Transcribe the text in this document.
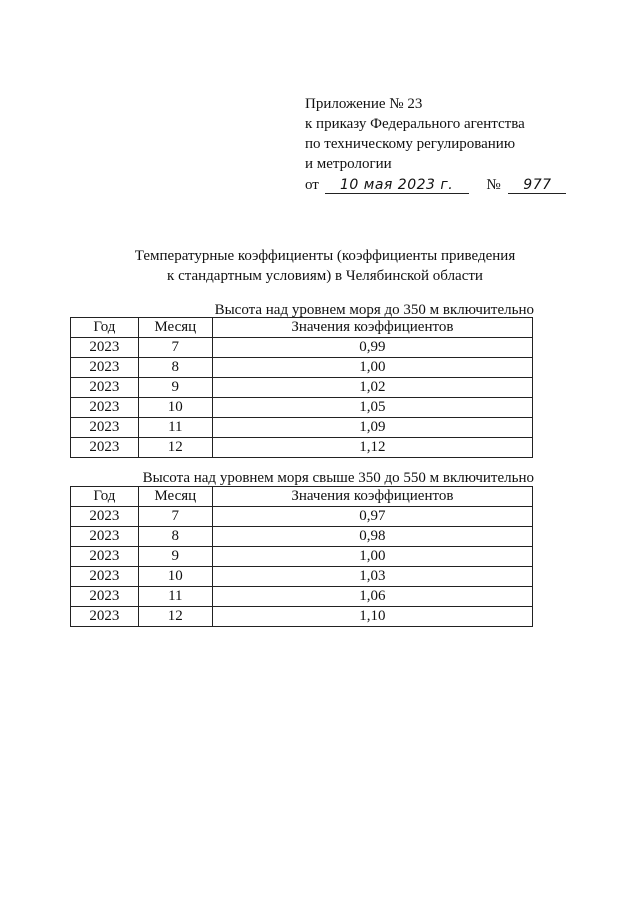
Приложение № 23
к приказу Федерального агентства
по техническому регулированию
и метрологии
от 10 мая 2023 г. № 977
Температурные коэффициенты (коэффициенты приведения
к стандартным условиям) в Челябинской области
Высота над уровнем моря до 350 м включительно
Год	Месяц	Значения коэффициентов
2023	7	0,99
2023	8	1,00
2023	9	1,02
2023	10	1,05
2023	11	1,09
2023	12	1,12
Высота над уровнем моря свыше 350 до 550 м включительно
Год	Месяц	Значения коэффициентов
2023	7	0,97
2023	8	0,98
2023	9	1,00
2023	10	1,03
2023	11	1,06
2023	12	1,10
